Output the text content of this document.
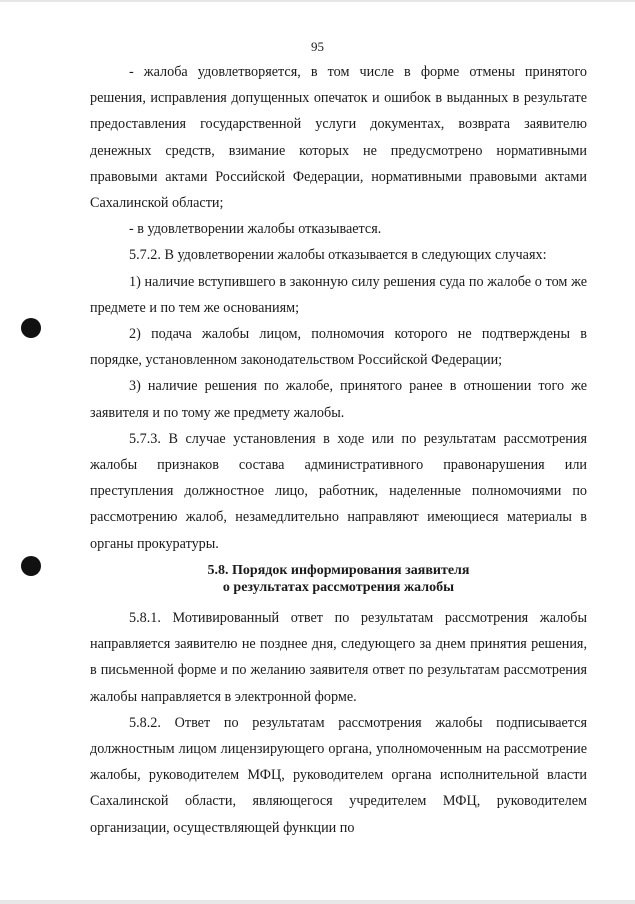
95

- жалоба удовлетворяется, в том числе в форме отмены принятого решения, исправления допущенных опечаток и ошибок в выданных в результате предоставления государственной услуги документах, возврата заявителю денежных средств, взимание которых не предусмотрено нормативными правовыми актами Российской Федерации, нормативными правовыми актами Сахалинской области;

- в удовлетворении жалобы отказывается.

5.7.2. В удовлетворении жалобы отказывается в следующих случаях:

1) наличие вступившего в законную силу решения суда по жалобе о том же предмете и по тем же основаниям;

2) подача жалобы лицом, полномочия которого не подтверждены в порядке, установленном законодательством Российской Федерации;

3) наличие решения по жалобе, принятого ранее в отношении того же заявителя и по тому же предмету жалобы.

5.7.3. В случае установления в ходе или по результатам рассмотрения жалобы признаков состава административного правонарушения или преступления должностное лицо, работник, наделенные полномочиями по рассмотрению жалоб, незамедлительно направляют имеющиеся материалы в органы прокуратуры.

5.8. Порядок информирования заявителя
о результатах рассмотрения жалобы

5.8.1. Мотивированный ответ по результатам рассмотрения жалобы направляется заявителю не позднее дня, следующего за днем принятия решения, в письменной форме и по желанию заявителя ответ по результатам рассмотрения жалобы направляется в электронной форме.

5.8.2. Ответ по результатам рассмотрения жалобы подписывается должностным лицом лицензирующего органа, уполномоченным на рассмотрение жалобы, руководителем МФЦ, руководителем органа исполнительной власти Сахалинской области, являющегося учредителем МФЦ, руководителем организации, осуществляющей функции по
